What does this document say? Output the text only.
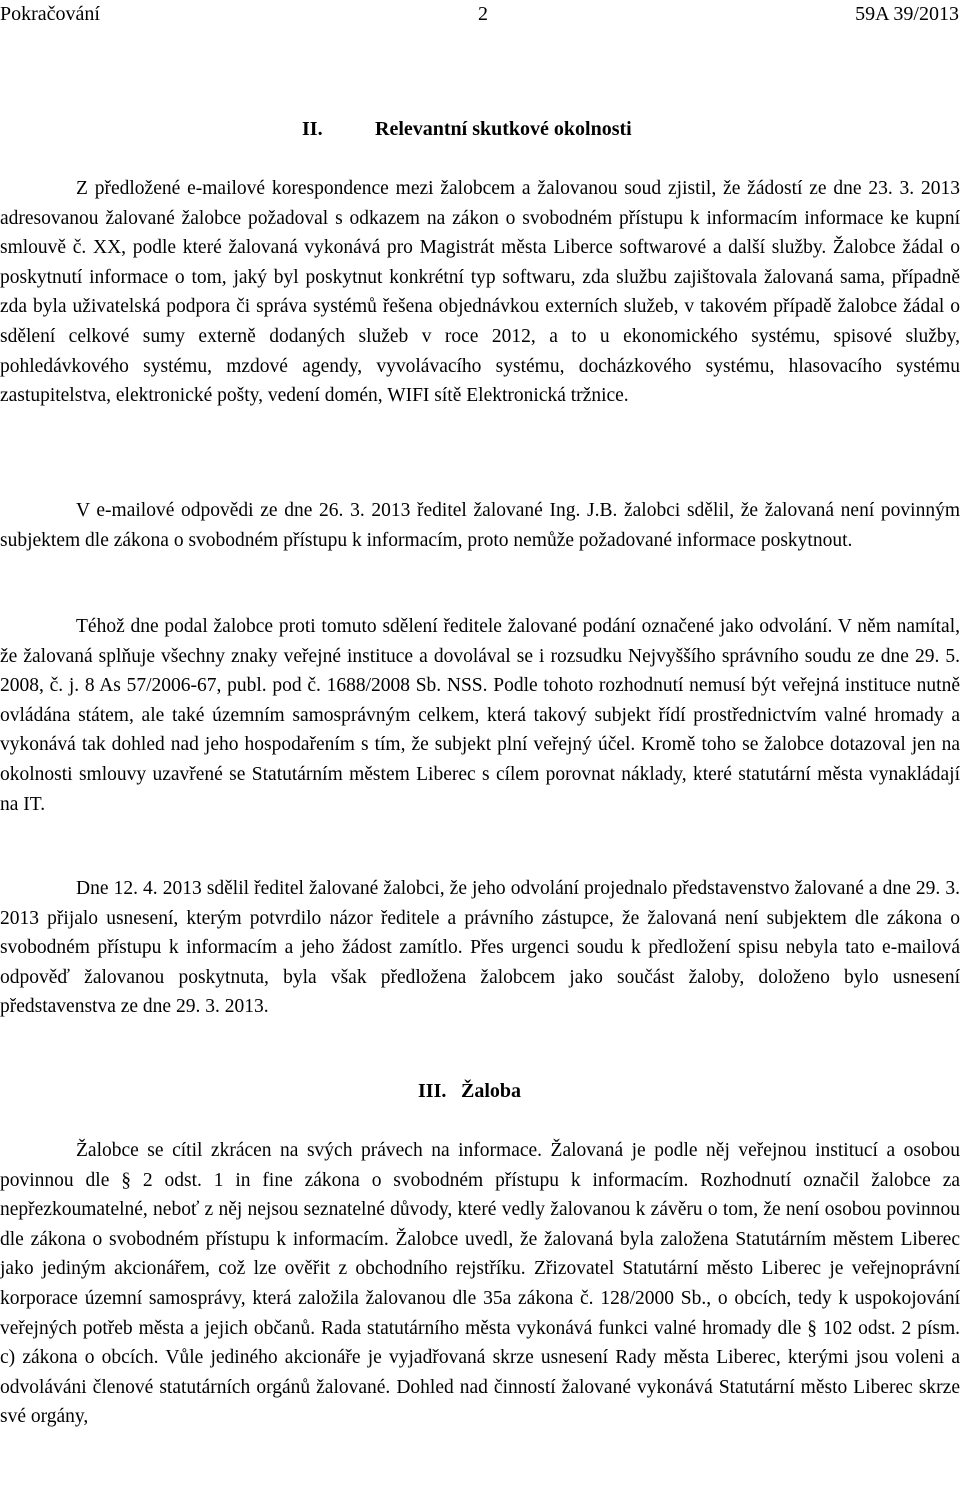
Pokračování	2	59A 39/2013
II.	Relevantní skutkové okolnosti

Z předložené e-mailové korespondence mezi žalobcem a žalovanou soud zjistil, že žádostí ze dne 23. 3. 2013 adresovanou žalované žalobce požadoval s odkazem na zákon o svobodném přístupu k informacím informace ke kupní smlouvě č. XX, podle které žalovaná vykonává pro Magistrát města Liberce softwarové a další služby. Žalobce žádal o poskytnutí informace o tom, jaký byl poskytnut konkrétní typ softwaru, zda službu zajištovala žalovaná sama, případně zda byla uživatelská podpora či správa systémů řešena objednávkou externích služeb, v takovém případě žalobce žádal o sdělení celkové sumy externě dodaných služeb v roce 2012, a to u ekonomického systému, spisové služby, pohledávkového systému, mzdové agendy, vyvolávacího systému, docházkového systému, hlasovacího systému zastupitelstva, elektronické pošty, vedení domén, WIFI sítě Elektronická tržnice.

V e-mailové odpovědi ze dne 26. 3. 2013 ředitel žalované Ing. J.B. žalobci sdělil, že žalovaná není povinným subjektem dle zákona o svobodném přístupu k informacím, proto nemůže požadované informace poskytnout.

Téhož dne podal žalobce proti tomuto sdělení ředitele žalované podání označené jako odvolání. V něm namítal, že žalovaná splňuje všechny znaky veřejné instituce a dovolával se i rozsudku Nejvyššího správního soudu ze dne 29. 5. 2008, č. j. 8 As 57/2006-67, publ. pod č. 1688/2008 Sb. NSS. Podle tohoto rozhodnutí nemusí být veřejná instituce nutně ovládána státem, ale také územním samosprávným celkem, která takový subjekt řídí prostřednictvím valné hromady a vykonává tak dohled nad jeho hospodařením s tím, že subjekt plní veřejný účel. Kromě toho se žalobce dotazoval jen na okolnosti smlouvy uzavřené se Statutárním městem Liberec s cílem porovnat náklady, které statutární města vynakládají na IT.

Dne 12. 4. 2013 sdělil ředitel žalované žalobci, že jeho odvolání projednalo představenstvo žalované a dne 29. 3. 2013 přijalo usnesení, kterým potvrdilo názor ředitele a právního zástupce, že žalovaná není subjektem dle zákona o svobodném přístupu k informacím a jeho žádost zamítlo. Přes urgenci soudu k předložení spisu nebyla tato e-mailová odpověď žalovanou poskytnuta, byla však předložena žalobcem jako součást žaloby, doloženo bylo usnesení představenstva ze dne 29. 3. 2013.

III. Žaloba

Žalobce se cítil zkrácen na svých právech na informace. Žalovaná je podle něj veřejnou institucí a osobou povinnou dle § 2 odst. 1 in fine zákona o svobodném přístupu k informacím. Rozhodnutí označil žalobce za nepřezkoumatelné, neboť z něj nejsou seznatelné důvody, které vedly žalovanou k závěru o tom, že není osobou povinnou dle zákona o svobodném přístupu k informacím. Žalobce uvedl, že žalovaná byla založena Statutárním městem Liberec jako jediným akcionářem, což lze ověřit z obchodního rejstříku. Zřizovatel Statutární město Liberec je veřejnoprávní korporace územní samosprávy, která založila žalovanou dle 35a zákona č. 128/2000 Sb., o obcích, tedy k uspokojování veřejných potřeb města a jejich občanů. Rada statutárního města vykonává funkci valné hromady dle § 102 odst. 2 písm. c) zákona o obcích. Vůle jediného akcionáře je vyjadřovaná skrze usnesení Rady města Liberec, kterými jsou voleni a odvoláváni členové statutárních orgánů žalované. Dohled nad činností žalované vykonává Statutární město Liberec skrze své orgány,
